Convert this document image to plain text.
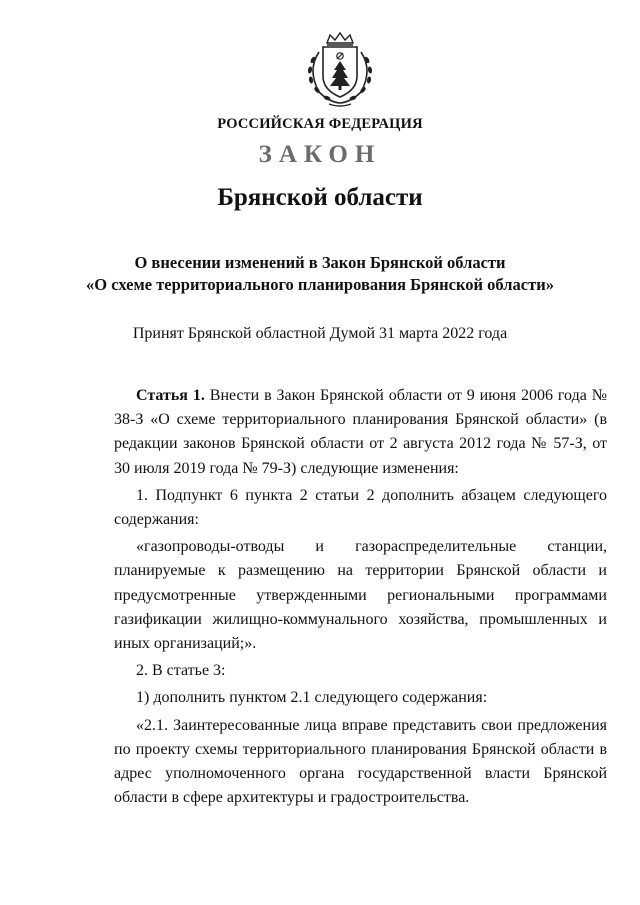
РОССИЙСКАЯ ФЕДЕРАЦИЯ
ЗАКОН
Брянской области
О внесении изменений в Закон Брянской области
«О схеме территориального планирования Брянской области»
Принят Брянской областной Думой 31 марта 2022 года

Статья 1. Внести в Закон Брянской области от 9 июня 2006 года № 38-З «О схеме территориального планирования Брянской области» (в редакции законов Брянской области от 2 августа 2012 года № 57-З, от 30 июля 2019 года № 79-З) следующие изменения:

1. Подпункт 6 пункта 2 статьи 2 дополнить абзацем следующего содержания:

«газопроводы-отводы и газораспределительные станции, планируемые к размещению на территории Брянской области и предусмотренные утвержденными региональными программами газификации жилищно-коммунального хозяйства, промышленных и иных организаций;».

2. В статье 3:

1) дополнить пунктом 2.1 следующего содержания:

«2.1. Заинтересованные лица вправе представить свои предложения по проекту схемы территориального планирования Брянской области в адрес уполномоченного органа государственной власти Брянской области в сфере архитектуры и градостроительства.
